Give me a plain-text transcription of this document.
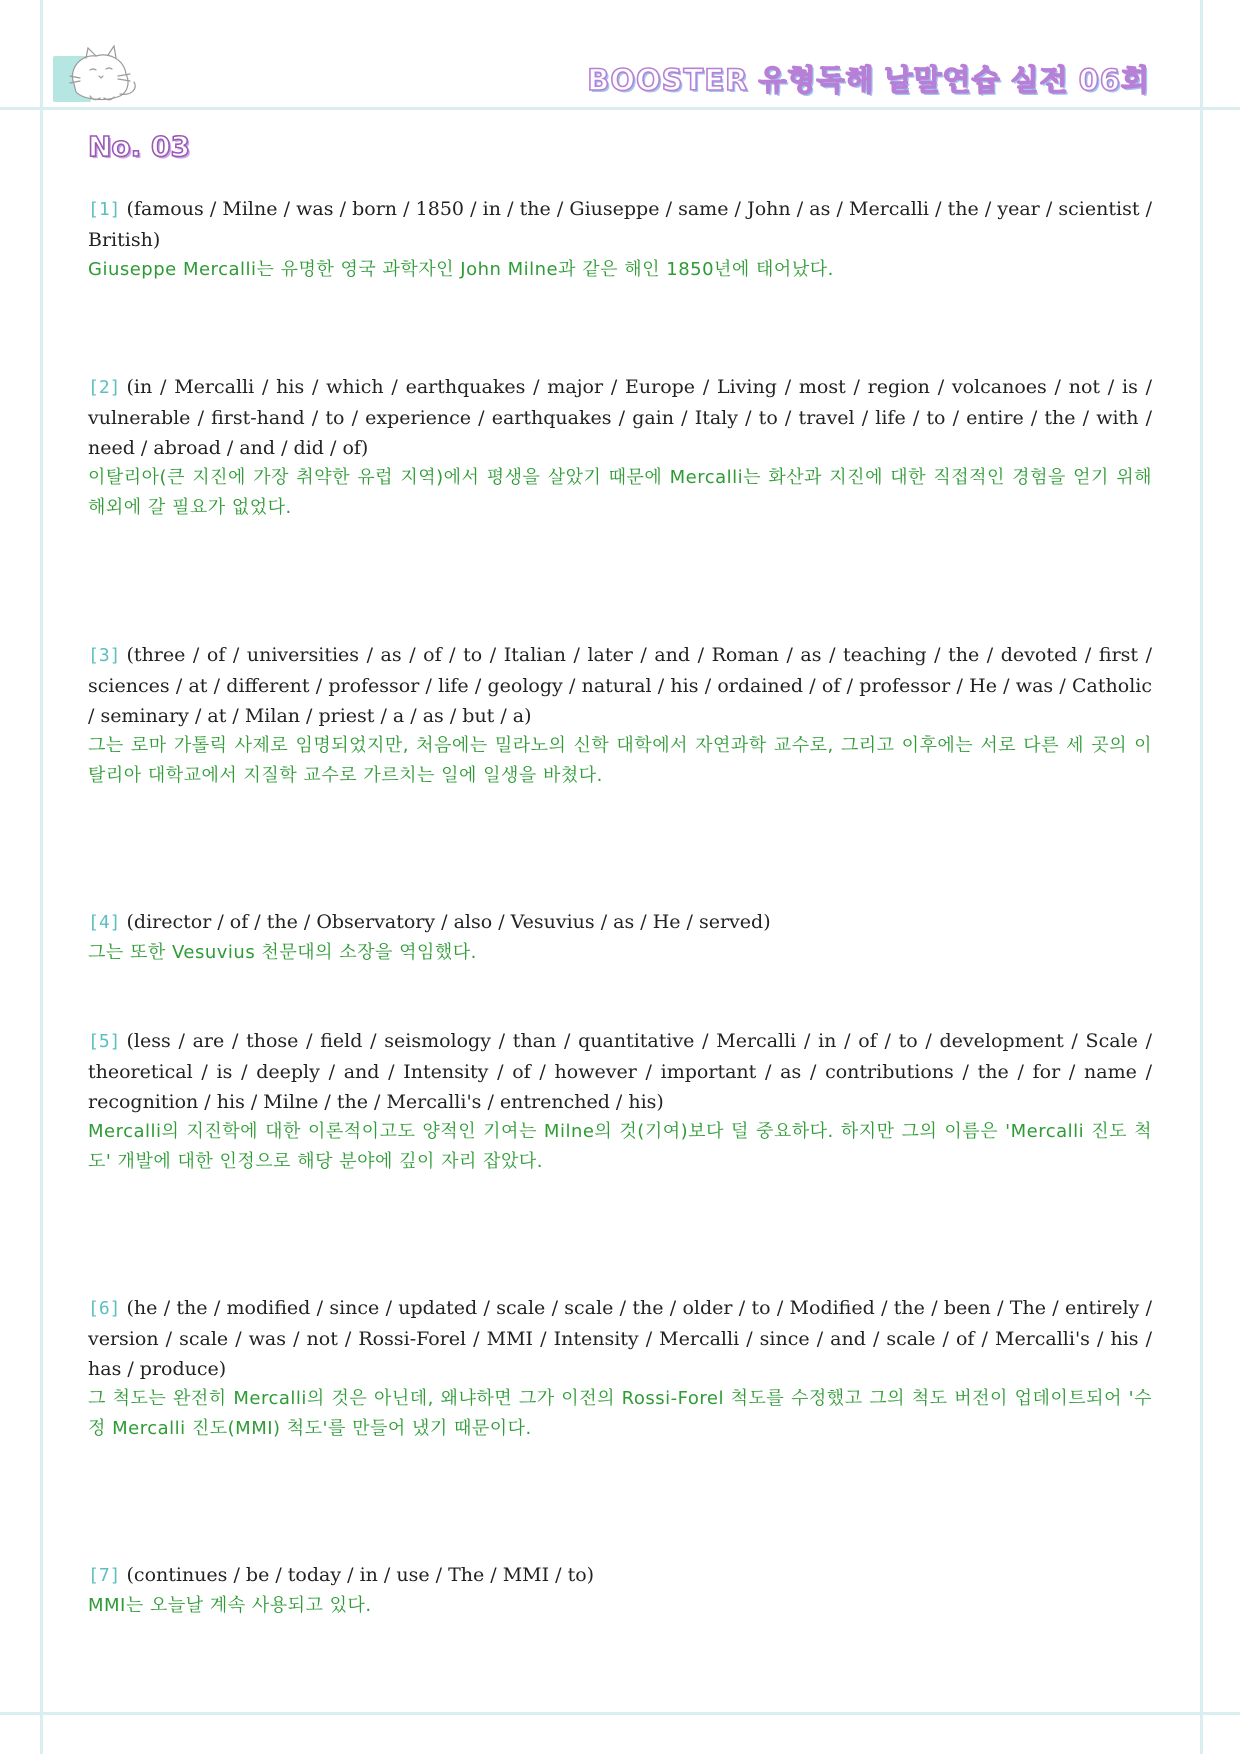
BOOSTER 유형독해 낱말연습 실전 06회
No. 03

[1] (famous / Milne / was / born / 1850 / in / the / Giuseppe / same / John / as / Mercalli / the / year / scientist / British)

Giuseppe Mercalli는 유명한 영국 과학자인 John Milne과 같은 해인 1850년에 태어났다.

[2] (in / Mercalli / his / which / earthquakes / major / Europe / Living / most / region / volcanoes / not / is / vulnerable / first-hand / to / experience / earthquakes / gain / Italy / to / travel / life / to / entire / the / with / need / abroad / and / did / of)

이탈리아(큰 지진에 가장 취약한 유럽 지역)에서 평생을 살았기 때문에 Mercalli는 화산과 지진에 대한 직접적인 경험을 얻기 위해 해외에 갈 필요가 없었다.

[3] (three / of / universities / as / of / to / Italian / later / and / Roman / as / teaching / the / devoted / first / sciences / at / different / professor / life / geology / natural / his / ordained / of / professor / He / was / Catholic / seminary / at / Milan / priest / a / as / but / a)

그는 로마 가톨릭 사제로 임명되었지만, 처음에는 밀라노의 신학 대학에서 자연과학 교수로, 그리고 이후에는 서로 다른 세 곳의 이탈리아 대학교에서 지질학 교수로 가르치는 일에 일생을 바쳤다.

[4] (director / of / the / Observatory / also / Vesuvius / as / He / served)

그는 또한 Vesuvius 천문대의 소장을 역임했다.

[5] (less / are / those / field / seismology / than / quantitative / Mercalli / in / of / to / development / Scale / theoretical / is / deeply / and / Intensity / of / however / important / as / contributions / the / for / name / recognition / his / Milne / the / Mercalli's / entrenched / his)

Mercalli의 지진학에 대한 이론적이고도 양적인 기여는 Milne의 것(기여)보다 덜 중요하다. 하지만 그의 이름은 'Mercalli 진도 척도' 개발에 대한 인정으로 해당 분야에 깊이 자리 잡았다.

[6] (he / the / modified / since / updated / scale / scale / the / older / to / Modified / the / been / The / entirely / version / scale / was / not / Rossi-Forel / MMI / Intensity / Mercalli / since / and / scale / of / Mercalli's / his / has / produce)

그 척도는 완전히 Mercalli의 것은 아닌데, 왜냐하면 그가 이전의 Rossi-Forel 척도를 수정했고 그의 척도 버전이 업데이트되어 '수정 Mercalli 진도(MMI) 척도'를 만들어 냈기 때문이다.

[7] (continues / be / today / in / use / The / MMI / to)

MMI는 오늘날 계속 사용되고 있다.
